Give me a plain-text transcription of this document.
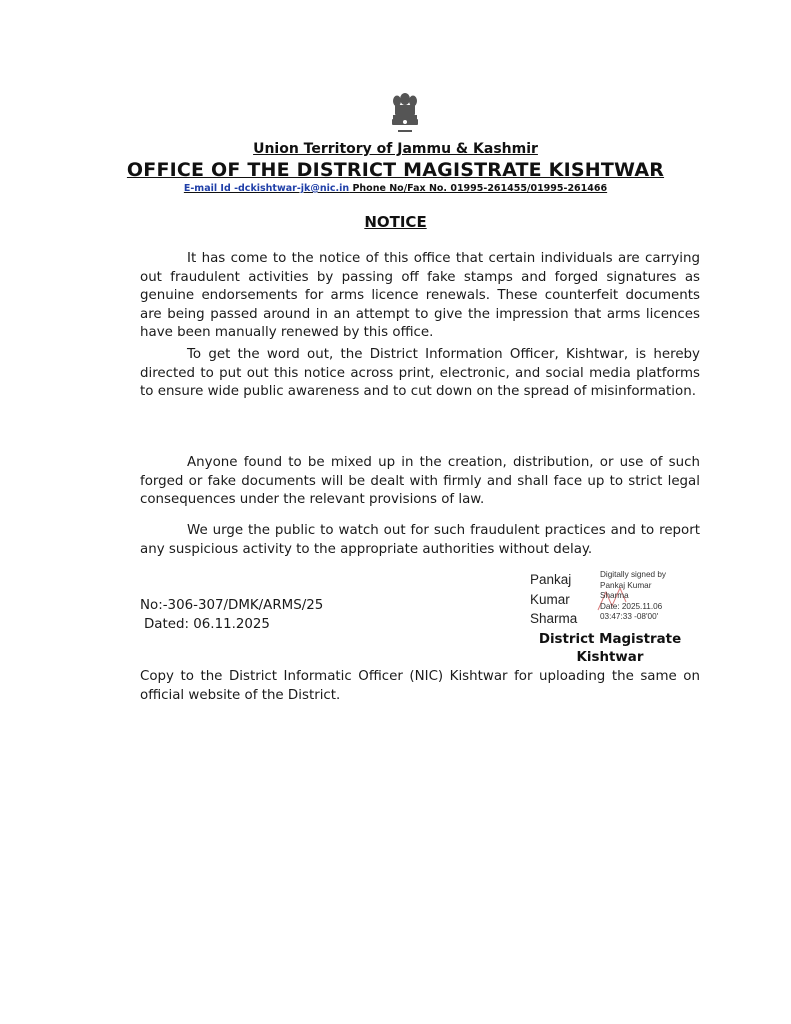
Union Territory of Jammu & Kashmir
OFFICE OF THE DISTRICT MAGISTRATE KISHTWAR
E-mail Id -dckishtwar-jk@nic.in Phone No/Fax No. 01995-261455/01995-261466
NOTICE

It has come to the notice of this office that certain individuals are carrying out fraudulent activities by passing off fake stamps and forged signatures as genuine endorsements for arms licence renewals. These counterfeit documents are being passed around in an attempt to give the impression that arms licences have been manually renewed by this office.

To get the word out, the District Information Officer, Kishtwar, is hereby directed to put out this notice across print, electronic, and social media platforms to ensure wide public awareness and to cut down on the spread of misinformation.

Anyone found to be mixed up in the creation, distribution, or use of such forged or fake documents will be dealt with firmly and shall face up to strict legal consequences under the relevant provisions of law.

We urge the public to watch out for such fraudulent practices and to report any suspicious activity to the appropriate authorities without delay.

No:-306-307/DMK/ARMS/25
Dated: 06.11.2025
Pankaj
Kumar
Sharma
Digitally signed by
Pankaj Kumar
Sharma
Date: 2025.11.06
03:47:33 -08'00'
District Magistrate
Kishtwar

Copy to the District Informatic Officer (NIC) Kishtwar for uploading the same on official website of the District.
